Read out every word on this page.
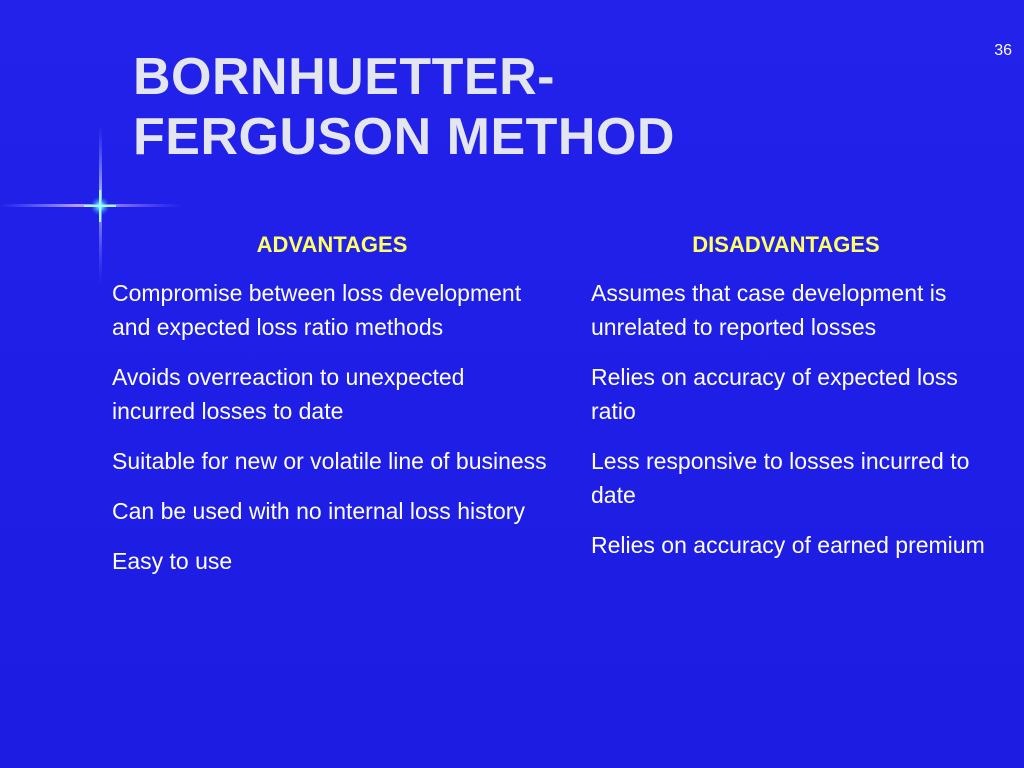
36
BORNHUETTER-
FERGUSON METHOD
ADVANTAGES

Compromise between loss development and expected loss ratio methods

Avoids overreaction to unexpected incurred losses to date

Suitable for new or volatile line of business

Can be used with no internal loss history

Easy to use

DISADVANTAGES

Assumes that case development is unrelated to reported losses

Relies on accuracy of expected loss ratio

Less responsive to losses incurred to date

Relies on accuracy of earned premium
